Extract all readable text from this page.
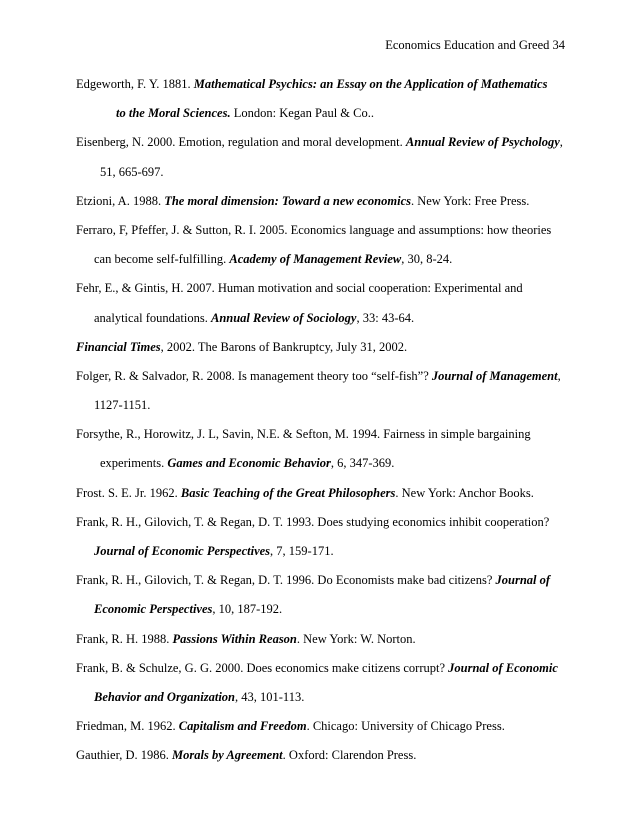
Economics Education and Greed 34
Edgeworth, F. Y. 1881. Mathematical Psychics: an Essay on the Application of Mathematics
to the Moral Sciences. London: Kegan Paul & Co..
Eisenberg, N. 2000. Emotion, regulation and moral development. Annual Review of Psychology,
51, 665-697.
Etzioni, A. 1988. The moral dimension: Toward a new economics. New York: Free Press.
Ferraro, F, Pfeffer, J. & Sutton, R. I. 2005. Economics language and assumptions: how theories
can become self-fulfilling. Academy of Management Review, 30, 8-24.
Fehr, E., & Gintis, H. 2007. Human motivation and social cooperation: Experimental and
analytical foundations. Annual Review of Sociology, 33: 43-64.
Financial Times, 2002. The Barons of Bankruptcy, July 31, 2002.
Folger, R. & Salvador, R. 2008. Is management theory too “self-fish”? Journal of Management,
1127-1151.
Forsythe, R., Horowitz, J. L, Savin, N.E. & Sefton, M. 1994. Fairness in simple bargaining
experiments. Games and Economic Behavior, 6, 347-369.
Frost. S. E. Jr. 1962. Basic Teaching of the Great Philosophers. New York: Anchor Books.
Frank, R. H., Gilovich, T. & Regan, D. T. 1993. Does studying economics inhibit cooperation?
Journal of Economic Perspectives, 7, 159-171.
Frank, R. H., Gilovich, T. & Regan, D. T. 1996. Do Economists make bad citizens? Journal of
Economic Perspectives, 10, 187-192.
Frank, R. H. 1988. Passions Within Reason. New York: W. Norton.
Frank, B. & Schulze, G. G. 2000. Does economics make citizens corrupt? Journal of Economic
Behavior and Organization, 43, 101-113.
Friedman, M. 1962. Capitalism and Freedom. Chicago: University of Chicago Press.
Gauthier, D. 1986. Morals by Agreement. Oxford: Clarendon Press.
